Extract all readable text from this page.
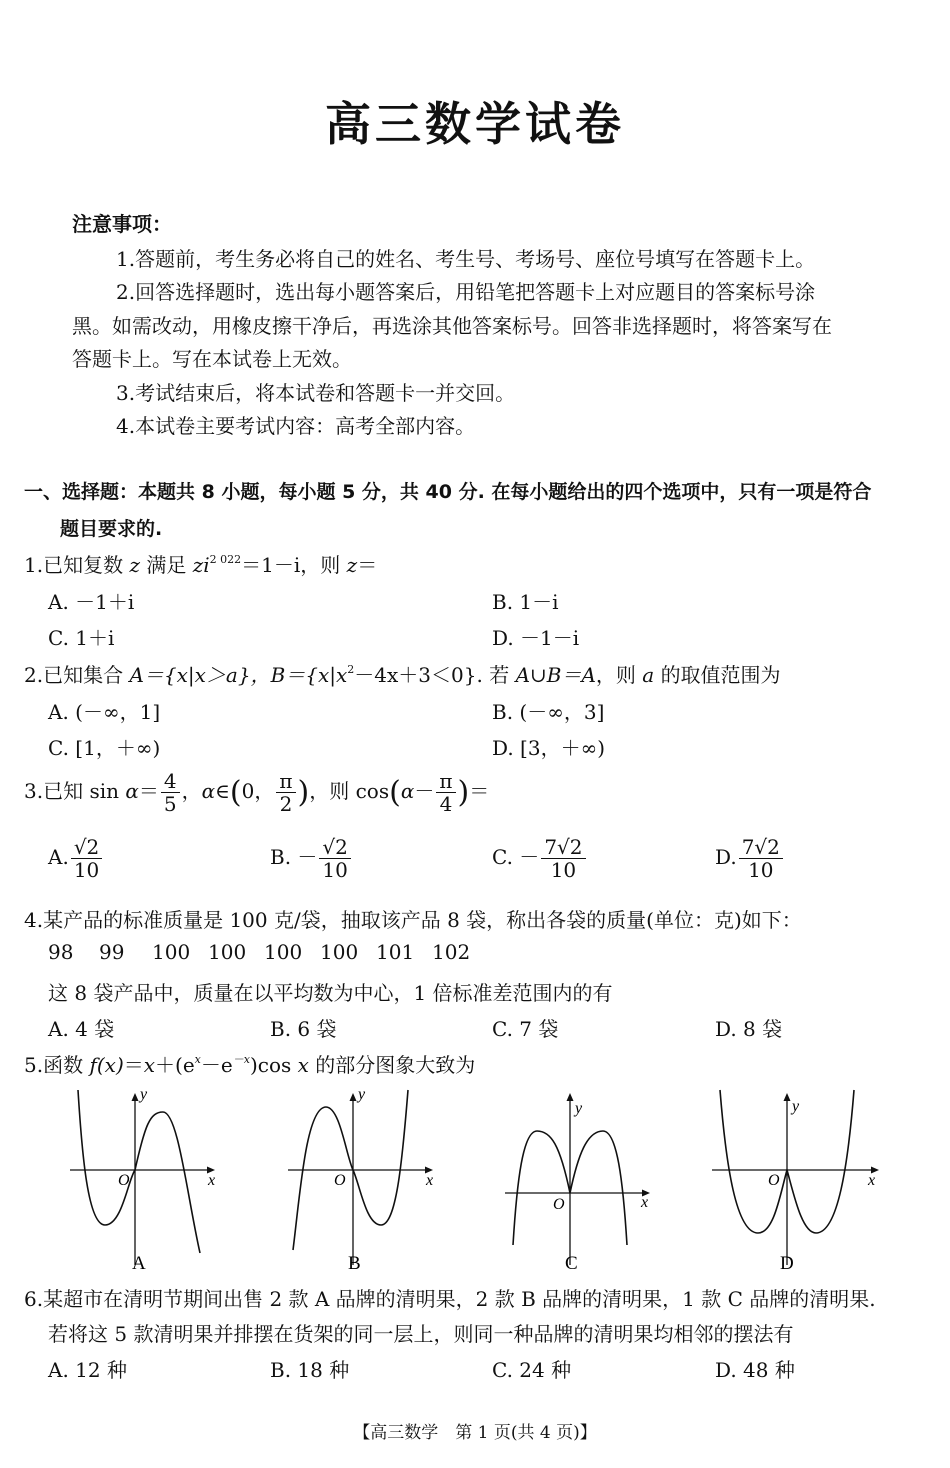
高三数学试卷
注意事项：
1.答题前，考生务必将自己的姓名、考生号、考场号、座位号填写在答题卡上。
2.回答选择题时，选出每小题答案后，用铅笔把答题卡上对应题目的答案标号涂
黑。如需改动，用橡皮擦干净后，再选涂其他答案标号。回答非选择题时，将答案写在
答题卡上。写在本试卷上无效。
3.考试结束后，将本试卷和答题卡一并交回。
4.本试卷主要考试内容：高考全部内容。
一、选择题：本题共 8 小题，每小题 5 分，共 40 分. 在每小题给出的四个选项中，只有一项是符合
题目要求的.
1.已知复数 z 满足 $zi^{2 022}=1-i$，则 z＝
A. －1＋i	B. 1－i
C. 1＋i	D. －1－i
2.已知集合 A＝{x|x＞a}，$B=\{x|x^2-4x+3<0\}$. 若 A∪B＝A，则 a 的取值范围为
A. (－∞，1]	B. (－∞，3]
C. [1，＋∞)	D. [3，＋∞)
3.已知 $\sin \alpha= \frac{4}{5}$ ，α∈(0， $\frac{\pi}{2}$ )，则 $\cos(\alpha- \frac{\pi}{4}$ )＝
A. $\frac{√2}{10}$	B. － $\frac{√2}{10}$	C. － $\frac{7√2}{10}$	D. $\frac{7√2}{10}$
4.某产品的标准质量是 100 克/袋，抽取该产品 8 袋，称出各袋的质量(单位：克)如下：
98 99 100 100 100 100 101 102
这 8 袋产品中，质量在以平均数为中心，1 倍标准差范围内的有
A. 4 袋	B. 6 袋	C. 7 袋	D. 8 袋
5.函数 $f(x)=x+(e^x-e^{-x})\cos$ x 的部分图象大致为
y
x
O
A
y
x
O
B
y
x
O
C
y
x
O
D
6.某超市在清明节期间出售 2 款 A 品牌的清明果，2 款 B 品牌的清明果，1 款 C 品牌的清明果.
若将这 5 款清明果并排摆在货架的同一层上，则同一种品牌的清明果均相邻的摆法有
A. 12 种	B. 18 种	C. 24 种	D. 48 种
【高三数学　第 1 页(共 4 页)】
